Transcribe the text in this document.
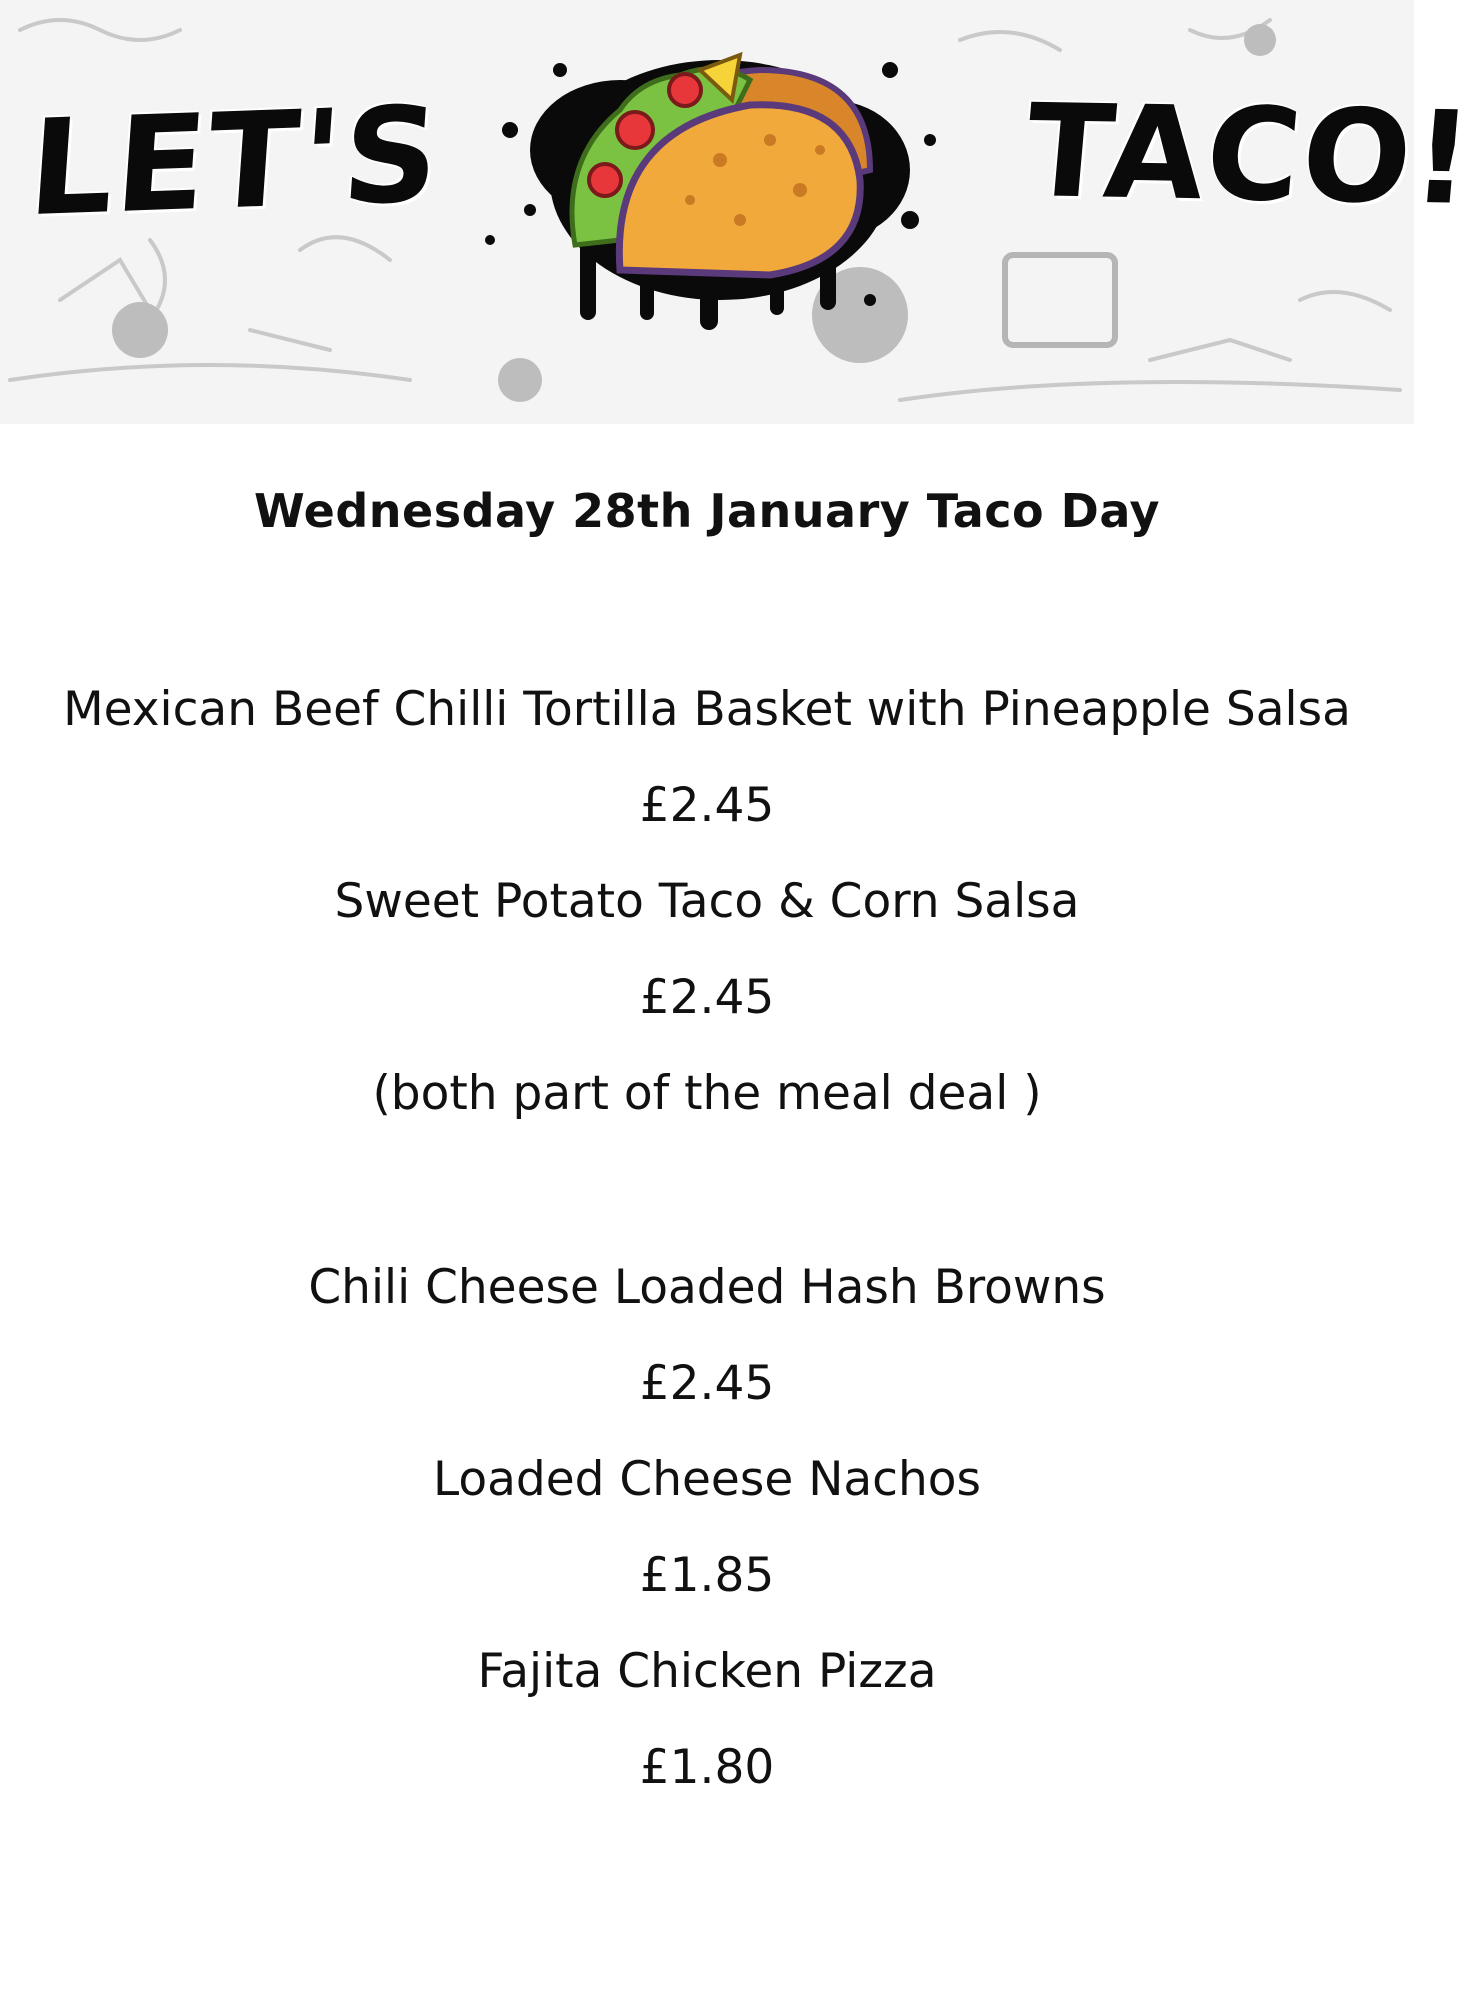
LET'S	TACO!
Wednesday 28th January Taco Day
Mexican Beef Chilli Tortilla Basket with Pineapple Salsa
£2.45
Sweet Potato Taco & Corn Salsa
£2.45
(both part of the meal deal )
Chili Cheese Loaded Hash Browns
£2.45
Loaded Cheese Nachos
£1.85
Fajita Chicken Pizza
£1.80
